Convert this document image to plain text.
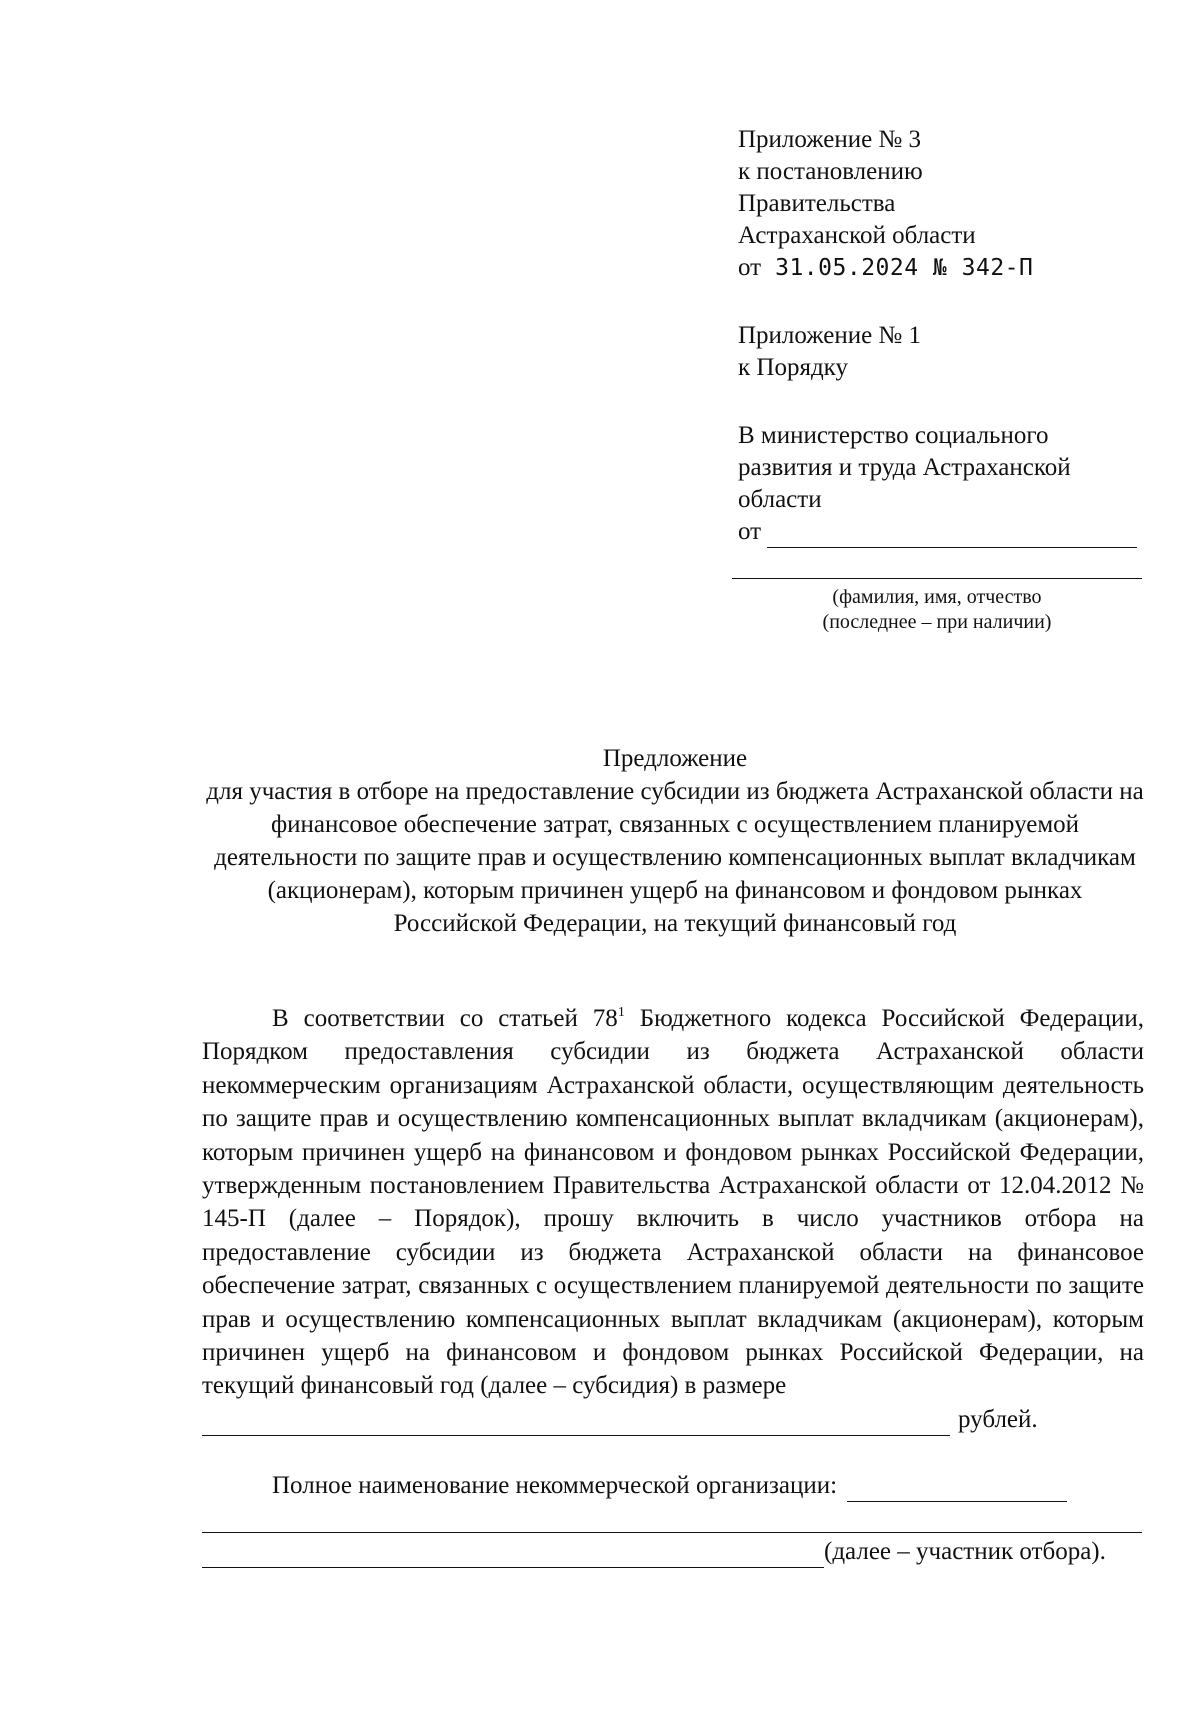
Приложение № 3
к постановлению
Правительства
Астраханской области
от 31.05.2024 № 342-П
Приложение № 1
к Порядку
В министерство социального
развития и труда Астраханской
области
от
(фамилия, имя, отчество
(последнее – при наличии)
Предложение
для участия в отборе на предоставление субсидии из бюджета Астраханской области на финансовое обеспечение затрат, связанных с осуществлением планируемой деятельности по защите прав и осуществлению компенсационных выплат вкладчикам (акционерам), которым причинен ущерб на финансовом и фондовом рынках Российской Федерации, на текущий финансовый год

В соответствии со статьей $78^1$ Бюджетного кодекса Российской Федерации, Порядком предоставления субсидии из бюджета Астраханской области некоммерческим организациям Астраханской области, осуществляющим деятельность по защите прав и осуществлению компенсационных выплат вкладчикам (акционерам), которым причинен ущерб на финансовом и фондовом рынках Российской Федерации, утвержденным постановлением Правительства Астраханской области от 12.04.2012 № 145-П (далее – Порядок), прошу включить в число участников отбора на предоставление субсидии из бюджета Астраханской области на финансовое обеспечение затрат, связанных с осуществлением планируемой деятельности по защите прав и осуществлению компенсационных выплат вкладчикам (акционерам), которым причинен ущерб на финансовом и фондовом рынках Российской Федерации, на текущий финансовый год (далее – субсидия) в размере

рублей.
Полное наименование некоммерческой организации:
(далее – участник отбора).
